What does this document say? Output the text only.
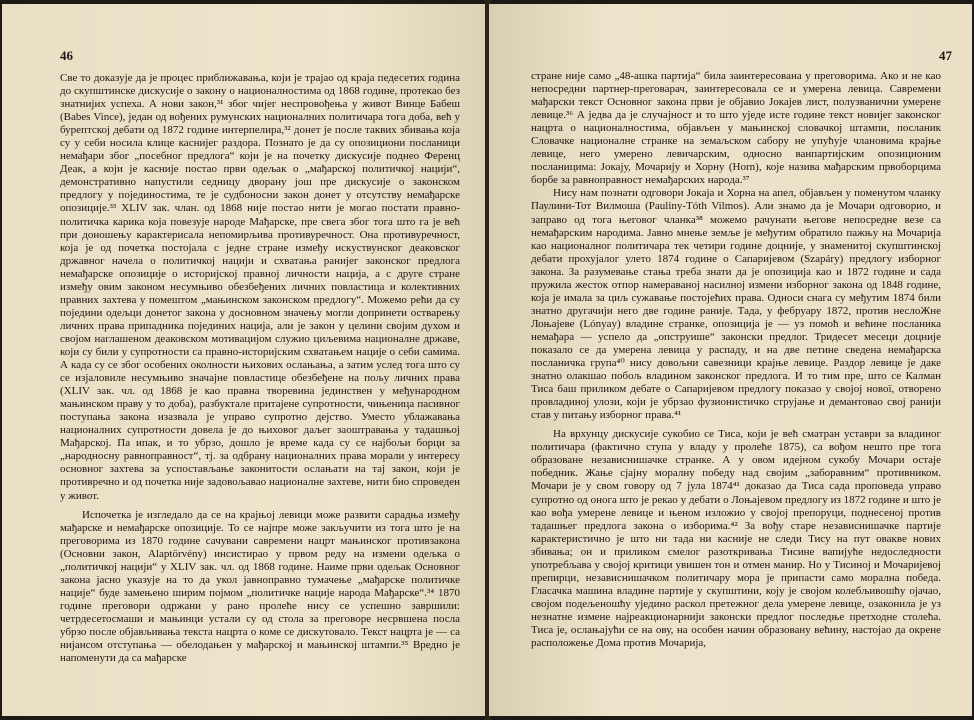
46

Све то доказује да је процес приближавања, који је трајао од краја педесетих година до скупштинске дискусије о закону о националностима од 1868 године, протекао без знатнијих успеха. А нови закон,³¹ због чијег неспровођења у живот Винце Бабеш (Babes Vince), један од вођених румунских националних политичара тога доба, већ у бурептској дебати од 1872 године интерпелира,³² донет је после таквих збивања која су у себи носила клице каснијег раздора. Познато је да су опозициони посланици немађари због „посебног предлога“ који је на почетку дискусије поднео Ференц Деак, а који је касније постао први одељак о „мађарској политичкој нацији“, демонстративно напустили седницу дворану још пре дискусије о законском предлогу у појединостима, те је судбоносни закон донет у отсутству немађарске опозиције.³³ XLIV зак. члан. од 1868 није постао нити је могао постати правно-политичка карика која повезује народе Мађарске, пре свега због тога што га је већ при доношењу карактерисала непомирљива противуречност. Она противуречност, која је од почетка постојала с једне стране између искуствунског деаковског државног начела о политичкој нацији и схватања ранијег законског предлога немађарске опозиције о историјској правној личности нација, а с друге стране између овим законом несумњиво обезбеђених личних повластица и колективних правних захтева у помештом „мањинском законском предлогу“. Можемо рећи да су поједини одељци донетог закона у досновном значењу могли допринети остварењу личних права припадника појединих нација, али је закон у целини својим духом и својом наглашеном деаковском мотивацијом служио циљевима националне државе, који су били у супротности са правно-историјским схватањем нације о себи самима. А када су се због особених околности њихових ослањања, а затим услед тога што су се изјаловиле несумњиво значајне повластице обезбеђене на пољу личних права (XLIV зак. чл. од 1868 је као правна творевина јединствен у међународном мањинском праву у то доба), разбуктале притајене супротности, чињеница пасивног поступања закона изазвала је управо супротно дејство. Уместо ублажавања националних супротности довела је до њиховог даљег заоштравања у тадашњој Мађарској. Па ипак, и то убрзо, дошло је време када су се најбољи борци за „народносну равноправност“, тј. за одбрану националних права морали у интересу основног захтева за успостављање законитости ослањати на тај закон, који је противречно и од почетка није задовољавао националне захтеве, нити био спроведен у живот.

Испочетка је изгледало да се на крајњој левици може развити сарадња између мађарске и немађарске опозиције. То се најпре може закључити из тога што је на преговорима из 1870 године сачувани савремени нацрт мањинског противзакона (Основни закон, Alaptörvény) инсистирао у првом реду на измени одељка о „политичкој нацији“ у XLIV зак. чл. од 1868 године. Наиме први одељак Основног закона јасно указује на то да укол јавнoправно тумачење „мађарске политичке нације“ буде замењено ширим појмом „политичке нације народа Мађарске“.³⁴ 1870 године преговори одржани у рано пролеће нису се успешно завршили: четрдесетосмаши и мањинци устали су од стола за преговоре несрвшена посла убрзо после објављивања текста нацрта о коме се дискутовало. Текст нацрта је — са нијансом отступања — обелодањен у мађарској и мањинској штампи.³⁵ Вредно је напоменути да са мађарске

47

стране није само „48-ашка партија“ била заинтересована у преговорима. Ако и не као непосредни партнер-преговарач, заинтересовала се и умерена левица. Савремени мађарски текст Основног закона први је објавио Јокајев лист, полузванични умерене левице.³⁶ А једва да је случајност и то што уједе исте године текст новијег законског нацрта о националностима, објављен у мањинској словачкој штампи, посланик Словачке националне странке на земаљском сабору не упућује члановима крајње левице, него умерено левичарским, односно ванпартијским опозиционим посланицима: Јокају, Мочарију и Хорну (Horn), које назива мађарским првоборцима борбе за равноправност немађарских народа.³⁷

Нису нам познати одговори Јокаја и Хорна на апел, објављен у поменутом чланку Паулини-Тот Вилмоша (Pauliny-Tóth Vilmos). Али знамо да је Мочари одговорио, и заправо од тога његовог чланка³⁸ можемо рачунати његове непосредне везе са немађарским народима. Јавно мнење земље је међутим обратило пажњу на Мочарија као националног политичара тек четири године доцније, у знаменитој скупштинској дебати прохујалог улето 1874 године о Сапаријевом (Szapáry) предлогу изборног закона. За разумевање стања треба знати да је опозиција као и 1872 године и сада пружила жесток отпор намераваној насилној измени изборног закона од 1848 године, која је имала за циљ сужавање постојећих права. Односи снага су међутим 1874 били знатно другачији него две године раније. Тада, у фебруару 1872, против неслоЖне Лоњајеве (Lónyay) владине странке, опозиција је — уз помоћ и већине посланика немађара — успело да „опструише“ законски предлог. Тридесет месеци доцније показало се да умерена левица у распаду, и на две петине сведена немађарска посланичка група⁴⁰ нису довољни савезници крајње левице. Раздор левице је даке знатно олакшао побољ владином законског предлога. И то тим пре, што се Калман Тиса баш приликом дебате о Сапаријевом предлогу показао у својој нової, отворено провладиној улози, који је убрзао фузионистичко струјање и демантовао свој ранији став у питању изборног права.⁴¹

На врхунцу дискусије сукобио се Тиса, који је већ сматран уставри за владиног политичара (фактично ступа у владу у пролеће 1875), са вођом нешто пре тога образоване независнишачке странке. А у овом идејном сукобу Мочари остаје победник. Жање сјајну моралну победу над својим „заборавним“ противником. Мочари је у свом говору од 7 јула 1874⁴¹ доказао да Тиса сада проповеда управо супротно од оногa што је рекао у дебати о Лоњајевом предлогу из 1872 године и што је као вођа умерене левице и њеном изложио у својој препоруци, поднесеној против тадашњег предлога закона о изборима.⁴² За вођу старе независнишачке партије карактеристично је што ни тада ни касније не следи Тису на пут овакве нових збивања; он и приликом смелог разоткривања Тисине вапијуће недоследности употребљава у својој критици увишен тон и отмен манир. Но у Тисиној и Мочаријевој препирци, независнишачком политичару мора је припасти само морална победа. Гласачка машина владине партије у скупштини, коју је својом колебљивошћу ојачао, својом подељеношћу уједино раскол претежног дела умерене левице, озаконила је уз незнатне измене најреакционарнији законски предлог последње претходне столећа. Тиса је, ослањајући се на ову, на особен начин образовану већину, настојао да окрене расположење Дома против Мочарија,
